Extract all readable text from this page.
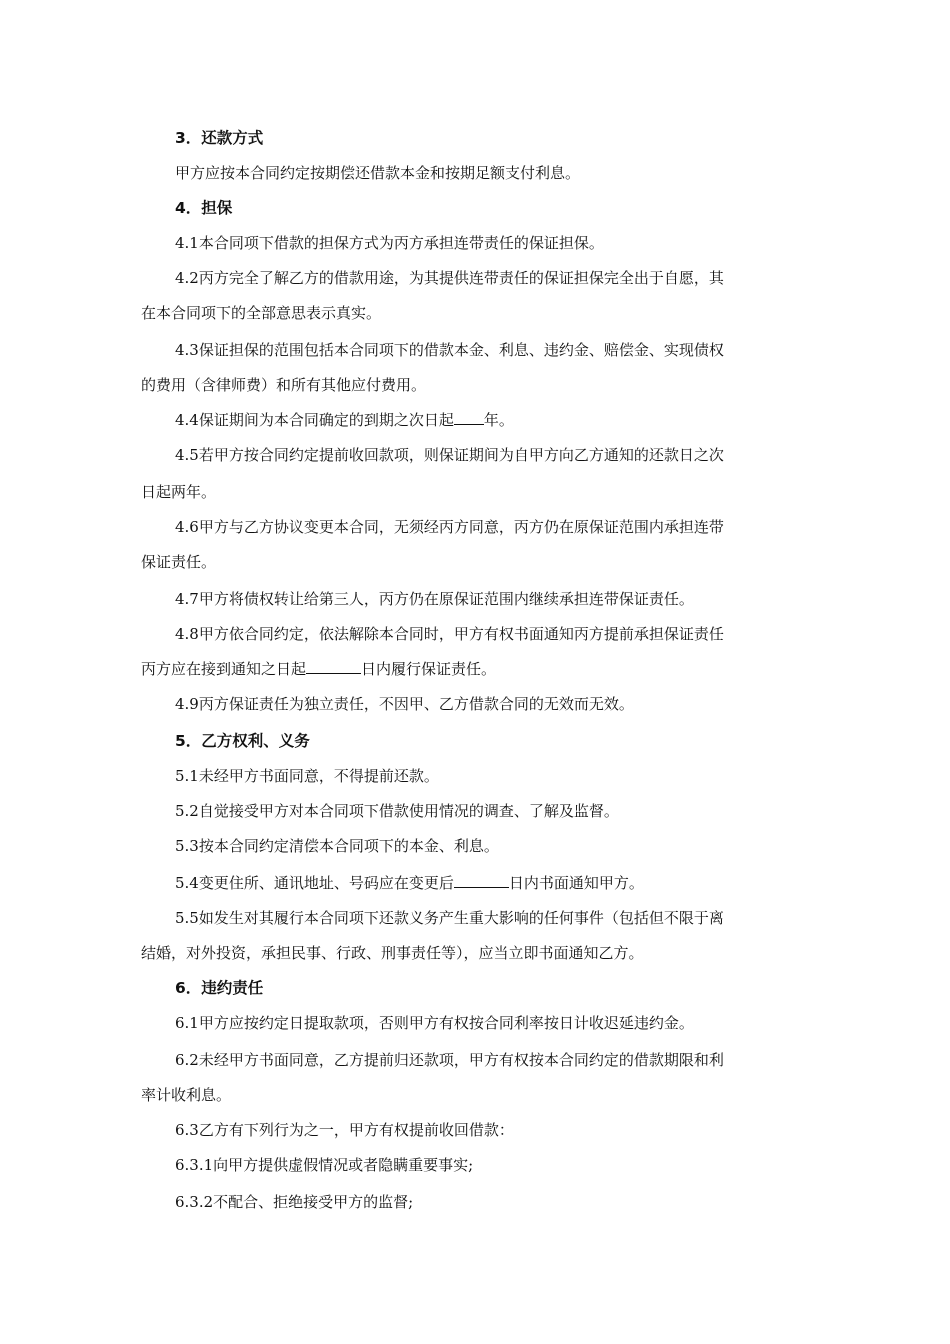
3．还款方式
甲方应按本合同约定按期偿还借款本金和按期足额支付利息。
4．担保
4.1本合同项下借款的担保方式为丙方承担连带责任的保证担保。
4.2丙方完全了解乙方的借款用途，为其提供连带责任的保证担保完全出于自愿，其
在本合同项下的全部意思表示真实。
4.3保证担保的范围包括本合同项下的借款本金、利息、违约金、赔偿金、实现债权
的费用（含律师费）和所有其他应付费用。
4.4保证期间为本合同确定的到期之次日起 年。
4.5若甲方按合同约定提前收回款项，则保证期间为自甲方向乙方通知的还款日之次
日起两年。
4.6甲方与乙方协议变更本合同，无须经丙方同意，丙方仍在原保证范围内承担连带
保证责任。
4.7甲方将债权转让给第三人，丙方仍在原保证范围内继续承担连带保证责任。
4.8甲方依合同约定，依法解除本合同时，甲方有权书面通知丙方提前承担保证责任
丙方应在接到通知之日起	日内履行保证责任。
4.9丙方保证责任为独立责任，不因甲、乙方借款合同的无效而无效。
5．乙方权利、义务
5.1未经甲方书面同意，不得提前还款。
5.2自觉接受甲方对本合同项下借款使用情况的调查、了解及监督。
5.3按本合同约定清偿本合同项下的本金、利息。
5.4变更住所、通讯地址、号码应在变更后	日内书面通知甲方。
5.5如发生对其履行本合同项下还款义务产生重大影响的任何事件（包括但不限于离
结婚，对外投资，承担民事、行政、刑事责任等），应当立即书面通知乙方。
6．违约责任
6.1甲方应按约定日提取款项，否则甲方有权按合同利率按日计收迟延违约金。
6.2未经甲方书面同意，乙方提前归还款项，甲方有权按本合同约定的借款期限和利
率计收利息。
6.3乙方有下列行为之一，甲方有权提前收回借款：
6.3.1向甲方提供虚假情况或者隐瞒重要事实;
6.3.2不配合、拒绝接受甲方的监督;
